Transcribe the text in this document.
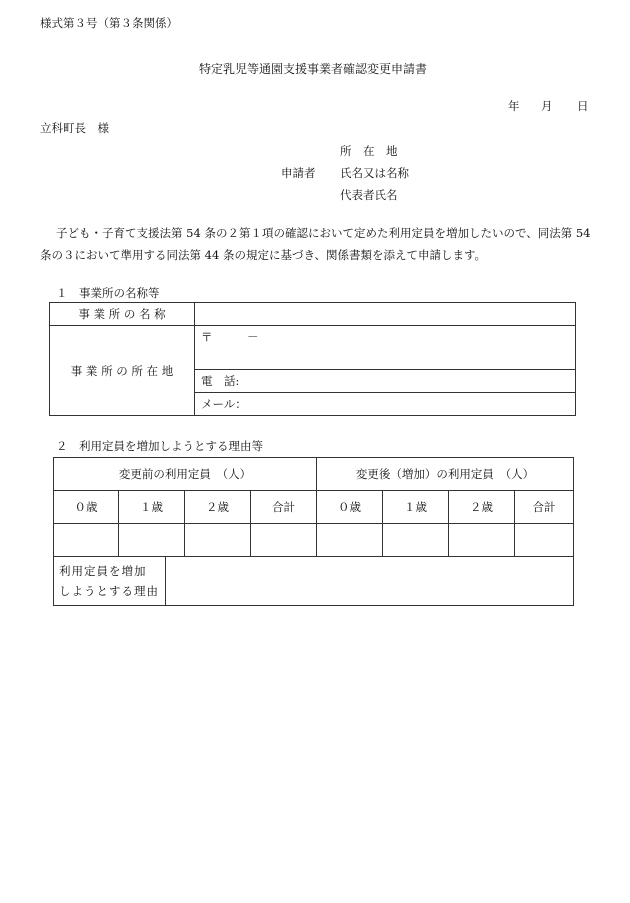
様式第３号（第３条関係）
特定乳児等通園支援事業者確認変更申請書
年 月 日
立科町長　様
所　在　地
申請者 氏名又は名称
代表者氏名
子ども・子育て支援法第 54 条の２第１項の確認において定めた利用定員を増加したいので、同法第 54
条の３において準用する同法第 44 条の規定に基づき、関係書類を添えて申請します。
１　事業所の名称等
事 業 所 の 名 称	
事 業 所 の 所 在 地	〒　　　－
	電　話:
	メール：
２　利用定員を増加しようとする理由等
変更前の利用定員　（人）				変更後（増加）の利用定員　（人）			
０歳	１歳	２歳	合計	０歳	１歳	２歳	合計

利用定員を増加
しようとする理由
